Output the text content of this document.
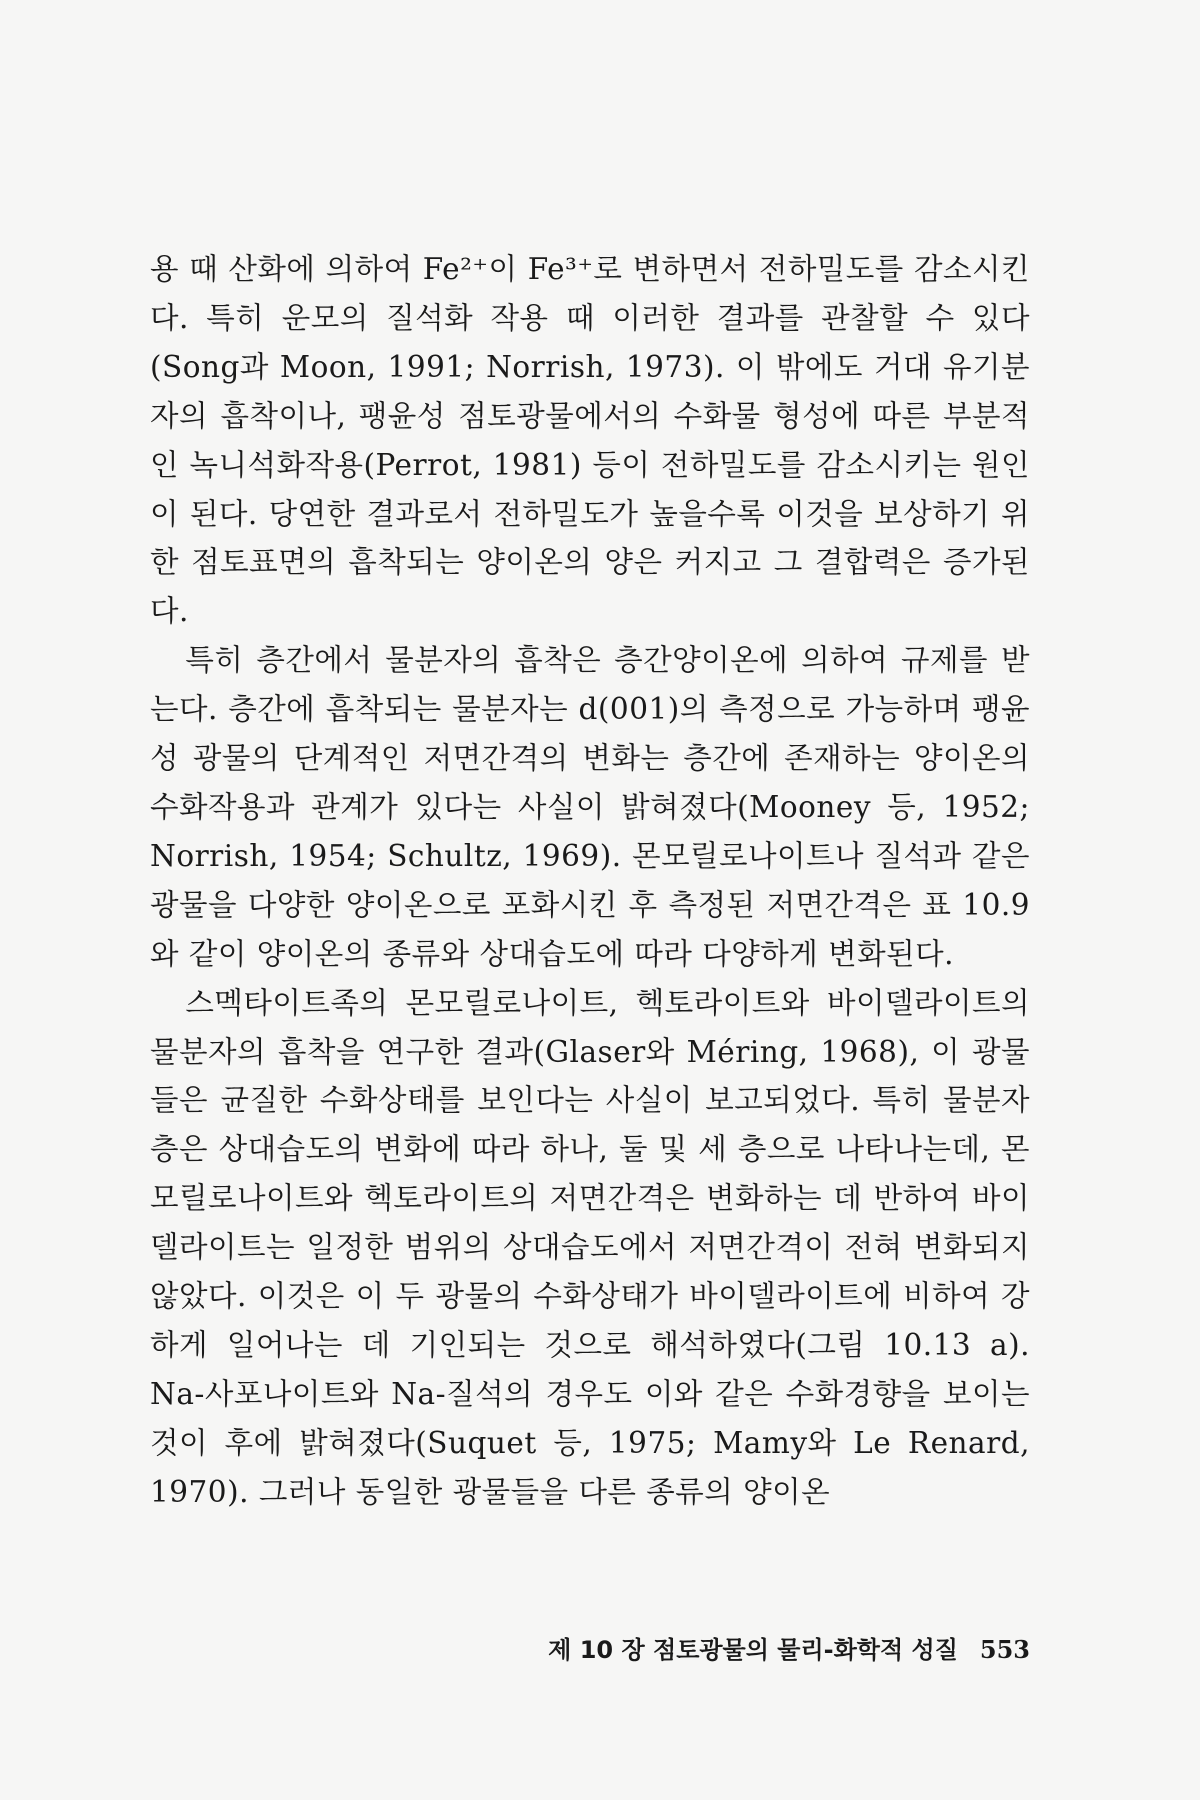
용 때 산화에 의하여 Fe²⁺이 Fe³⁺로 변하면서 전하밀도를 감소시킨다. 특히 운모의 질석화 작용 때 이러한 결과를 관찰할 수 있다(Song과 Moon, 1991; Norrish, 1973). 이 밖에도 거대 유기분자의 흡착이나, 팽윤성 점토광물에서의 수화물 형성에 따른 부분적인 녹니석화작용(Perrot, 1981) 등이 전하밀도를 감소시키는 원인이 된다. 당연한 결과로서 전하밀도가 높을수록 이것을 보상하기 위한 점토표면의 흡착되는 양이온의 양은 커지고 그 결합력은 증가된다.

특히 층간에서 물분자의 흡착은 층간양이온에 의하여 규제를 받는다. 층간에 흡착되는 물분자는 d(001)의 측정으로 가능하며 팽윤성 광물의 단계적인 저면간격의 변화는 층간에 존재하는 양이온의 수화작용과 관계가 있다는 사실이 밝혀졌다(Mooney 등, 1952; Norrish, 1954; Schultz, 1969). 몬모릴로나이트나 질석과 같은 광물을 다양한 양이온으로 포화시킨 후 측정된 저면간격은 표 10.9와 같이 양이온의 종류와 상대습도에 따라 다양하게 변화된다.

스멕타이트족의 몬모릴로나이트, 헥토라이트와 바이델라이트의 물분자의 흡착을 연구한 결과(Glaser와 Méring, 1968), 이 광물들은 균질한 수화상태를 보인다는 사실이 보고되었다. 특히 물분자층은 상대습도의 변화에 따라 하나, 둘 및 세 층으로 나타나는데, 몬모릴로나이트와 헥토라이트의 저면간격은 변화하는 데 반하여 바이델라이트는 일정한 범위의 상대습도에서 저면간격이 전혀 변화되지 않았다. 이것은 이 두 광물의 수화상태가 바이델라이트에 비하여 강하게 일어나는 데 기인되는 것으로 해석하였다(그림 10.13 a). Na-사포나이트와 Na-질석의 경우도 이와 같은 수화경향을 보이는 것이 후에 밝혀졌다(Suquet 등, 1975; Mamy와 Le Renard, 1970). 그러나 동일한 광물들을 다른 종류의 양이온

제 10 장 점토광물의 물리-화학적 성질 553
